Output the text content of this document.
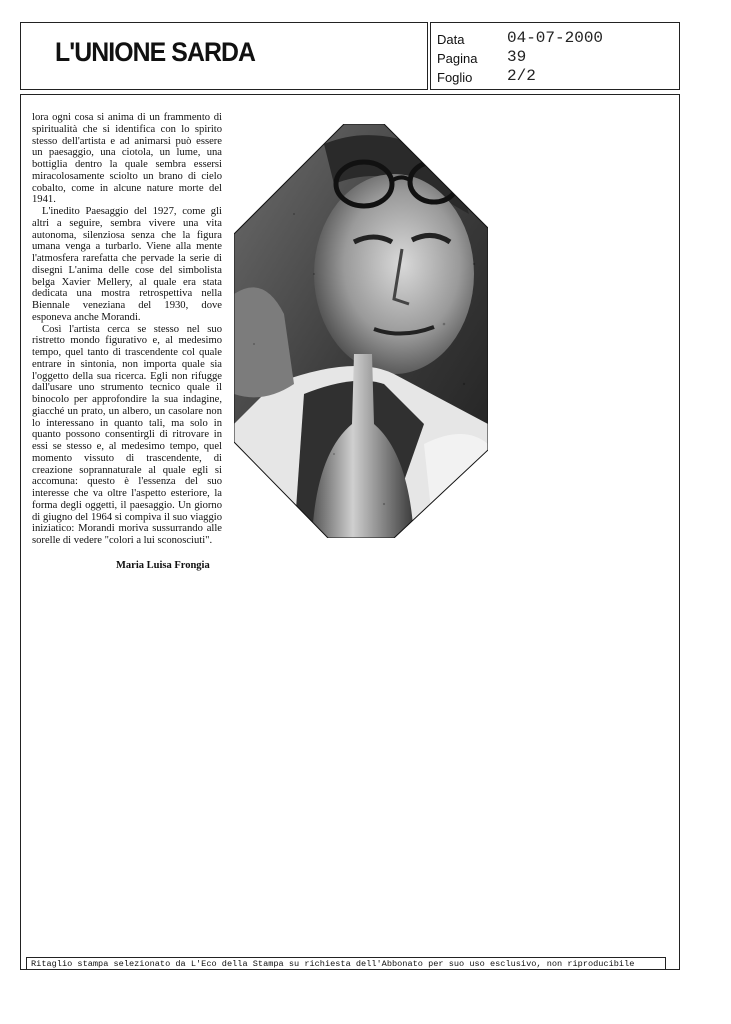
L'UNIONE SARDA	Data	04-07-2000
Pagina 39
Foglio 2/2

lora ogni cosa si anima di un frammento di spiritualità che si identifica con lo spirito stesso dell'artista e ad animarsi può essere un paesaggio, una ciotola, un lume, una bottiglia dentro la quale sembra essersi miracolosamente sciolto un brano di cielo cobalto, come in alcune nature morte del 1941.

L'inedito Paesaggio del 1927, come gli altri a seguire, sembra vivere una vita autonoma, silenziosa senza che la figura umana venga a turbarlo. Viene alla mente l'atmosfera rarefatta che pervade la serie di disegni L'anima delle cose del simbolista belga Xavier Mellery, al quale era stata dedicata una mostra retrospettiva nella Biennale veneziana del 1930, dove esponeva anche Morandi.

Così l'artista cerca se stesso nel suo ristretto mondo figurativo e, al medesimo tempo, quel tanto di trascendente col quale entrare in sintonia, non importa quale sia l'oggetto della sua ricerca. Egli non rifugge dall'usare uno strumento tecnico quale il binocolo per approfondire la sua indagine, giacché un prato, un albero, un casolare non lo interessano in quanto tali, ma solo in quanto possono consentirgli di ritrovare in essi se stesso e, al medesimo tempo, quel momento vissuto di trascendente, di creazione soprannaturale al quale egli si accomuna: questo è l'essenza del suo interesse che va oltre l'aspetto esteriore, la forma degli oggetti, il paesaggio. Un giorno di giugno del 1964 si compiva il suo viaggio iniziatico: Morandi moriva sussurrando alle sorelle di vedere "colori a lui sconosciuti".

Maria Luisa Frongia
Ritaglio stampa selezionato da L'Eco della Stampa su richiesta dell'Abbonato per suo uso esclusivo, non riproducibile
